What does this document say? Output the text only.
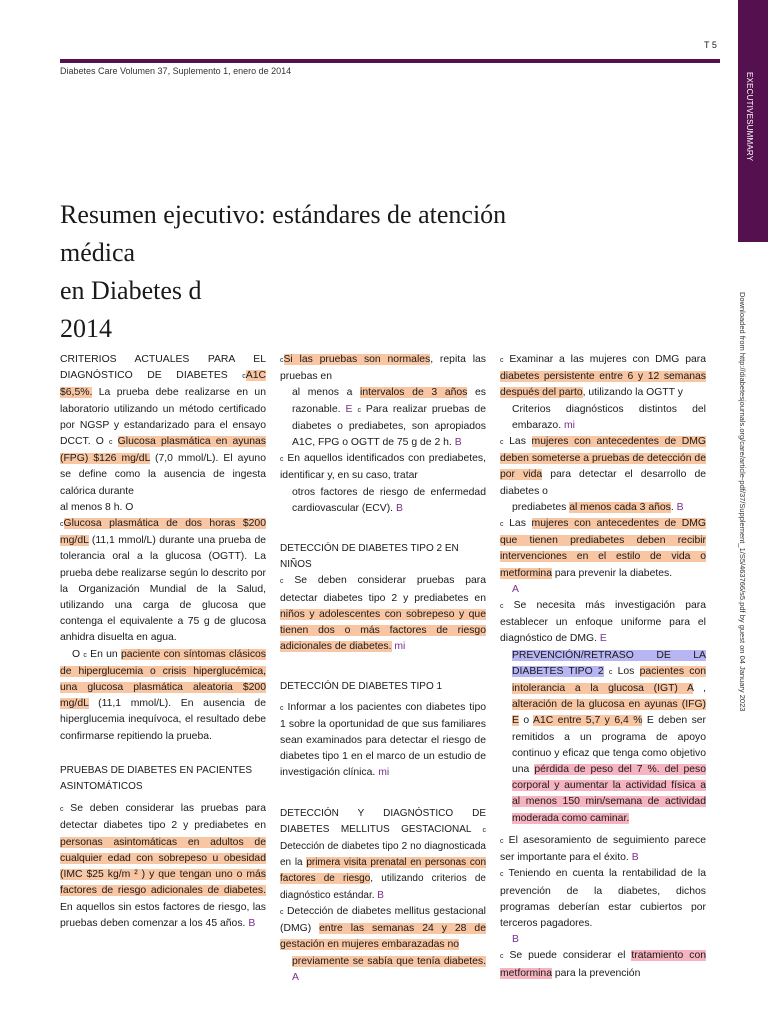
T 5
Diabetes Care Volumen 37, Suplemento 1, enero de 2014
EXECUTIVESUMMARY
Downloaded from http://diabetesjournals.org/care/article-pdf/37/Supplement_1/S5/463766/s5.pdf by guest on 04 January 2023

Resumen ejecutivo: estándares de atención

médica

en Diabetes d

2014

CRITERIOS ACTUALES PARA EL DIAGNÓSTICO DE DIABETES cA1C $6,5%. La prueba debe realizarse en un laboratorio utilizando un método certificado por NGSP y estandarizado para el ensayo DCCT. O c Glucosa plasmática en ayunas (FPG) $126 mg/dL (7,0 mmol/L). El ayuno se define como la ausencia de ingesta calórica durante

al menos 8 h. O

cGlucosa plasmática de dos horas $200 mg/dL (11,1 mmol/L) durante una prueba de tolerancia oral a la glucosa (OGTT). La prueba debe realizarse según lo descrito por la Organización Mundial de la Salud, utilizando una carga de glucosa que contenga el equivalente a 75 g de glucosa anhidra disuelta en agua.

O c En un paciente con síntomas clásicos de hiperglucemia o crisis hiperglucémica, una glucosa plasmática aleatoria $200 mg/dL (11,1 mmol/L). En ausencia de hiperglucemia inequívoca, el resultado debe confirmarse repitiendo la prueba.

PRUEBAS DE DIABETES EN PACIENTES ASINTOMÁTICOS

c Se deben considerar las pruebas para detectar diabetes tipo 2 y prediabetes en personas asintomáticas en adultos de cualquier edad con sobrepeso u obesidad (IMC $25 kg/m ² ) y que tengan uno o más factores de riesgo adicionales de diabetes. En aquellos sin estos factores de riesgo, las pruebas deben comenzar a los 45 años. B

cSi las pruebas son normales, repita las pruebas en

al menos a intervalos de 3 años es razonable. E c Para realizar pruebas de diabetes o prediabetes, son apropiados A1C, FPG o OGTT de 75 g de 2 h. B

c En aquellos identificados con prediabetes, identificar y, en su caso, tratar

otros factores de riesgo de enfermedad cardiovascular (ECV). B

DETECCIÓN DE DIABETES TIPO 2 EN NIÑOS

c Se deben considerar pruebas para detectar diabetes tipo 2 y prediabetes en niños y adolescentes con sobrepeso y que tienen dos o más factores de riesgo adicionales de diabetes. mi

DETECCIÓN DE DIABETES TIPO 1

c Informar a los pacientes con diabetes tipo 1 sobre la oportunidad de que sus familiares sean examinados para detectar el riesgo de diabetes tipo 1 en el marco de un estudio de investigación clínica. mi

DETECCIÓN Y DIAGNÓSTICO DE DIABETES MELLITUS GESTACIONAL c Detección de diabetes tipo 2 no diagnosticada en la primera visita prenatal en personas con factores de riesgo, utilizando criterios de diagnóstico estándar. B

c Detección de diabetes mellitus gestacional (DMG) entre las semanas 24 y 28 de gestación en mujeres embarazadas no

previamente se sabía que tenía diabetes. A

c Examinar a las mujeres con DMG para diabetes persistente entre 6 y 12 semanas después del parto, utilizando la OGTT y

Criterios diagnósticos distintos del embarazo. mi

c Las mujeres con antecedentes de DMG deben someterse a pruebas de detección de por vida para detectar el desarrollo de diabetes o

prediabetes al menos cada 3 años. B

c Las mujeres con antecedentes de DMG que tienen prediabetes deben recibir intervenciones en el estilo de vida o metformina para prevenir la diabetes.

A

c Se necesita más investigación para establecer un enfoque uniforme para el diagnóstico de DMG. E

PREVENCIÓN/RETRASO DE LA DIABETES TIPO 2 c Los pacientes con intolerancia a la glucosa (IGT) A , alteración de la glucosa en ayunas (IFG) E o A1C entre 5,7 y 6,4 % E deben ser remitidos a un programa de apoyo continuo y eficaz que tenga como objetivo una pérdida de peso del 7 %. del peso corporal y aumentar la actividad física a al menos 150 min/semana de actividad moderada como caminar.

c El asesoramiento de seguimiento parece ser importante para el éxito. B

c Teniendo en cuenta la rentabilidad de la prevención de la diabetes, dichos programas deberían estar cubiertos por terceros pagadores.

B

c Se puede considerar el tratamiento con metformina para la prevención
